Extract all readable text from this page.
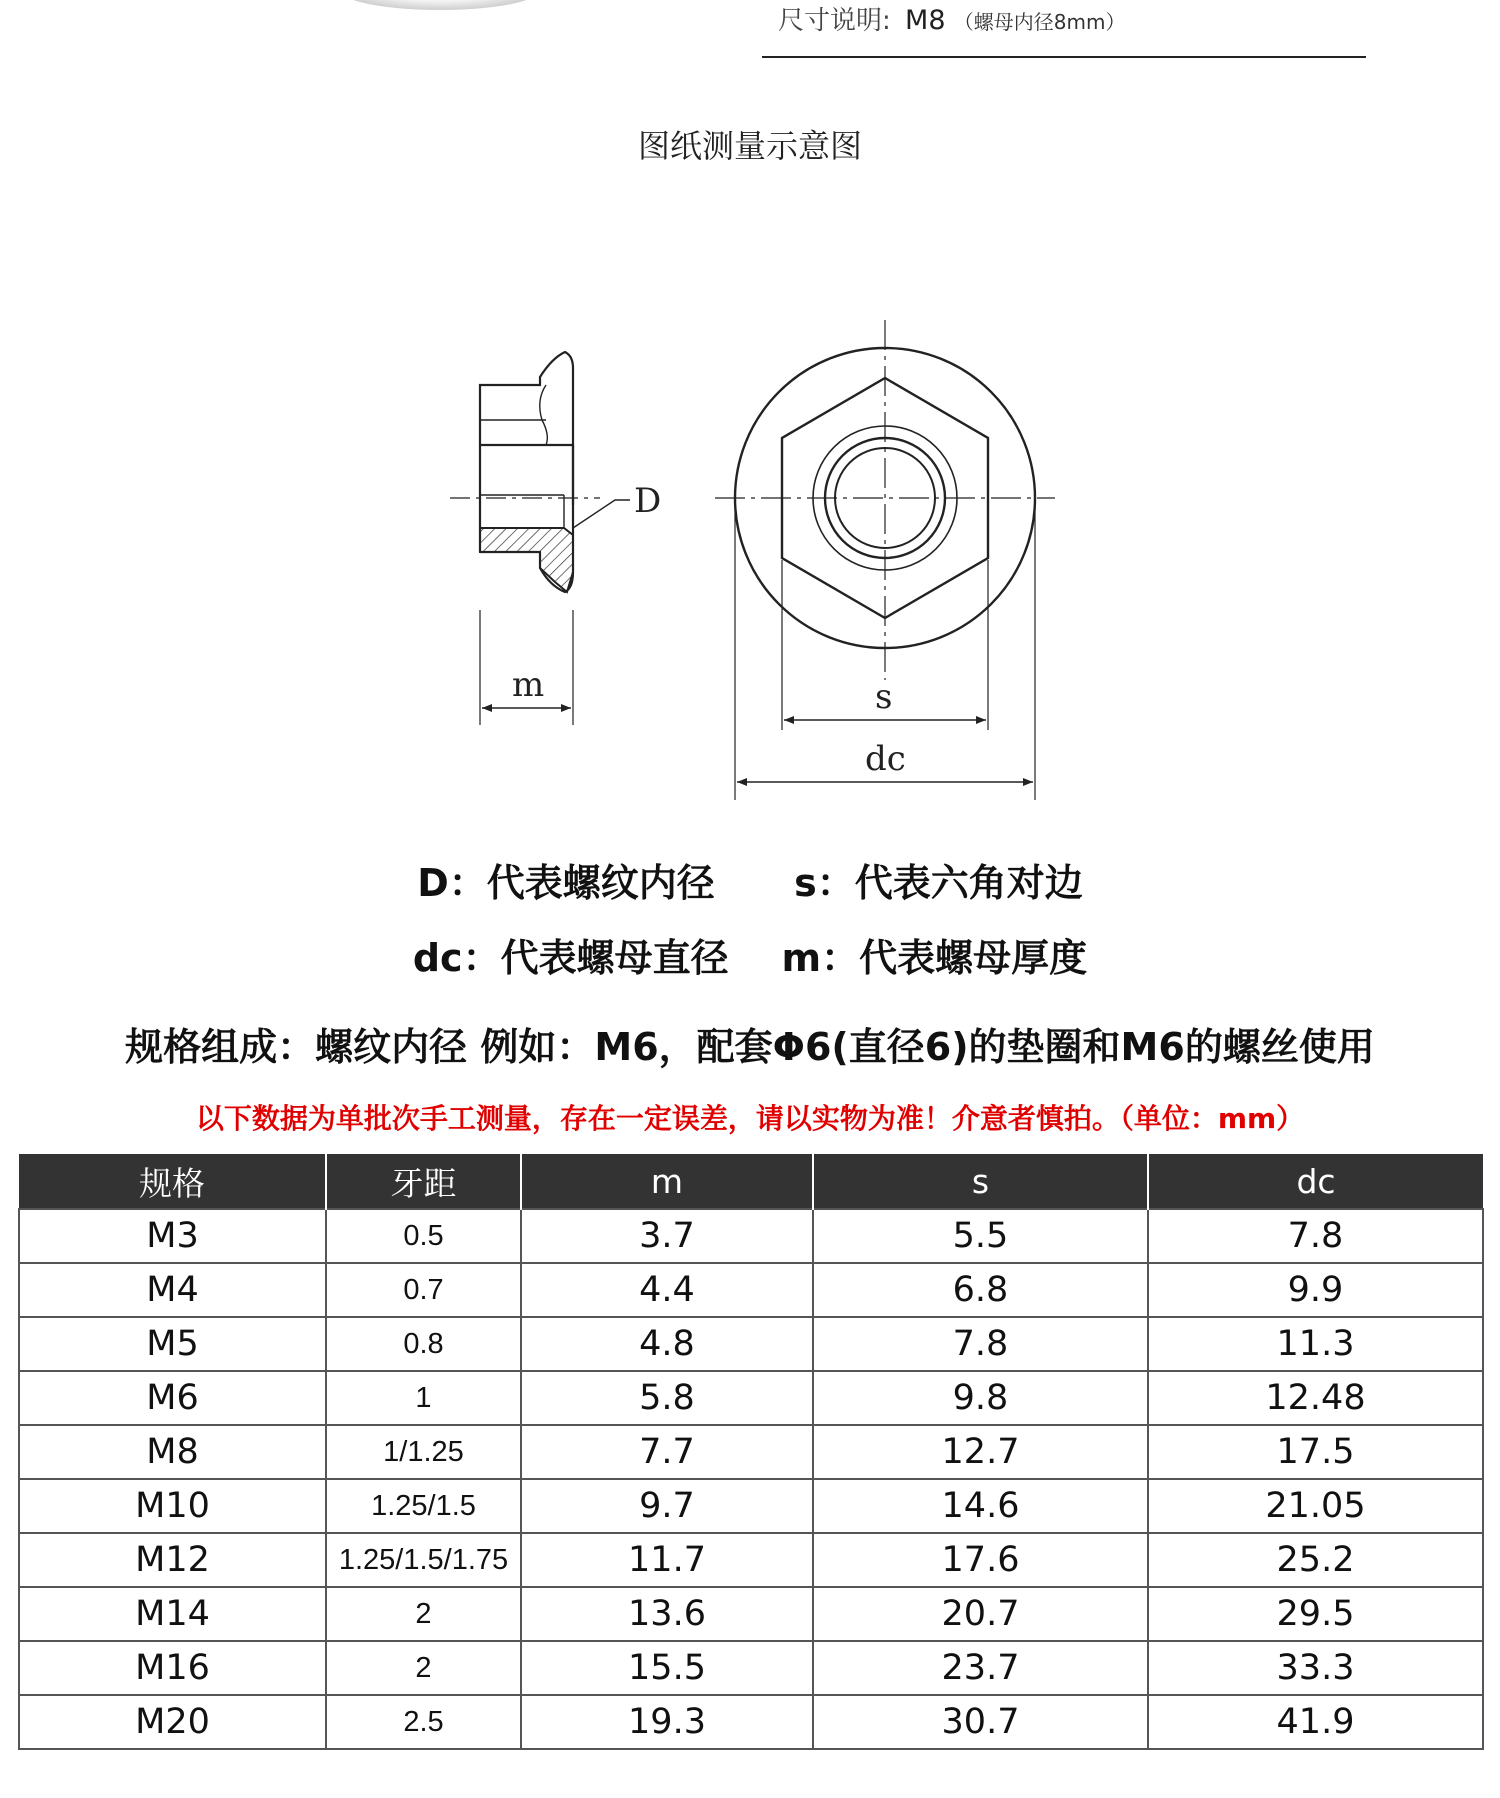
尺寸说明: M8 （螺母内径8mm）
图纸测量示意图
D
m	s
dc
D：代表螺纹内径 s：代表六角对边
dc：代表螺母直径 m：代表螺母厚度
规格组成：螺纹内径 例如：M6，配套Φ6(直径6)的垫圈和M6的螺丝使用
以下数据为单批次手工测量，存在一定误差，请以实物为准！介意者慎拍。（单位：mm）
规格	牙距	m	s	dc
M3	0.5	3.7	5.5	7.8
M4	0.7	4.4	6.8	9.9
M5	0.8	4.8	7.8	11.3
M6	1	5.8	9.8	12.48
M8	1/1.25	7.7	12.7	17.5
M10	1.25/1.5	9.7	14.6	21.05
M12	1.25/1.5/1.75	11.7	17.6	25.2
M14	2	13.6	20.7	29.5
M16	2	15.5	23.7	33.3
M20	2.5	19.3	30.7	41.9
